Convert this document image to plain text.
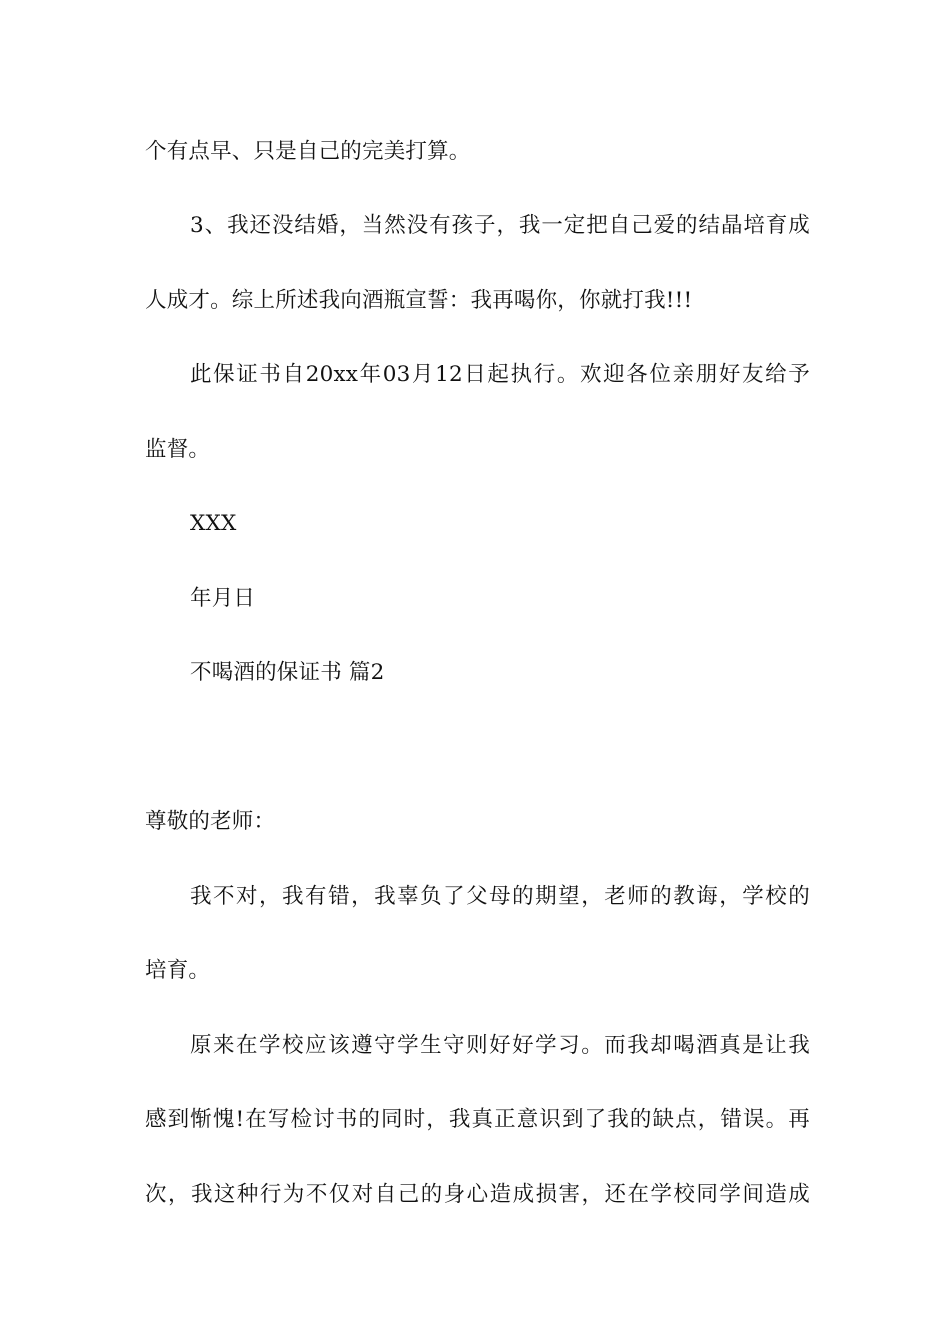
个有点早、只是自己的完美打算。
3、我还没结婚，当然没有孩子，我一定把自己爱的结晶培育成
人成才。综上所述我向酒瓶宣誓：我再喝你，你就打我!!!
此保证书自20xx年03月12日起执行。欢迎各位亲朋好友给予
监督。
XXX
年月日
不喝酒的保证书 篇2
尊敬的老师：
我不对，我有错，我辜负了父母的期望，老师的教诲，学校的
培育。
原来在学校应该遵守学生守则好好学习。而我却喝酒真是让我
感到惭愧!在写检讨书的同时，我真正意识到了我的缺点，错误。再
次，我这种行为不仅对自己的身心造成损害，还在学校同学间造成
